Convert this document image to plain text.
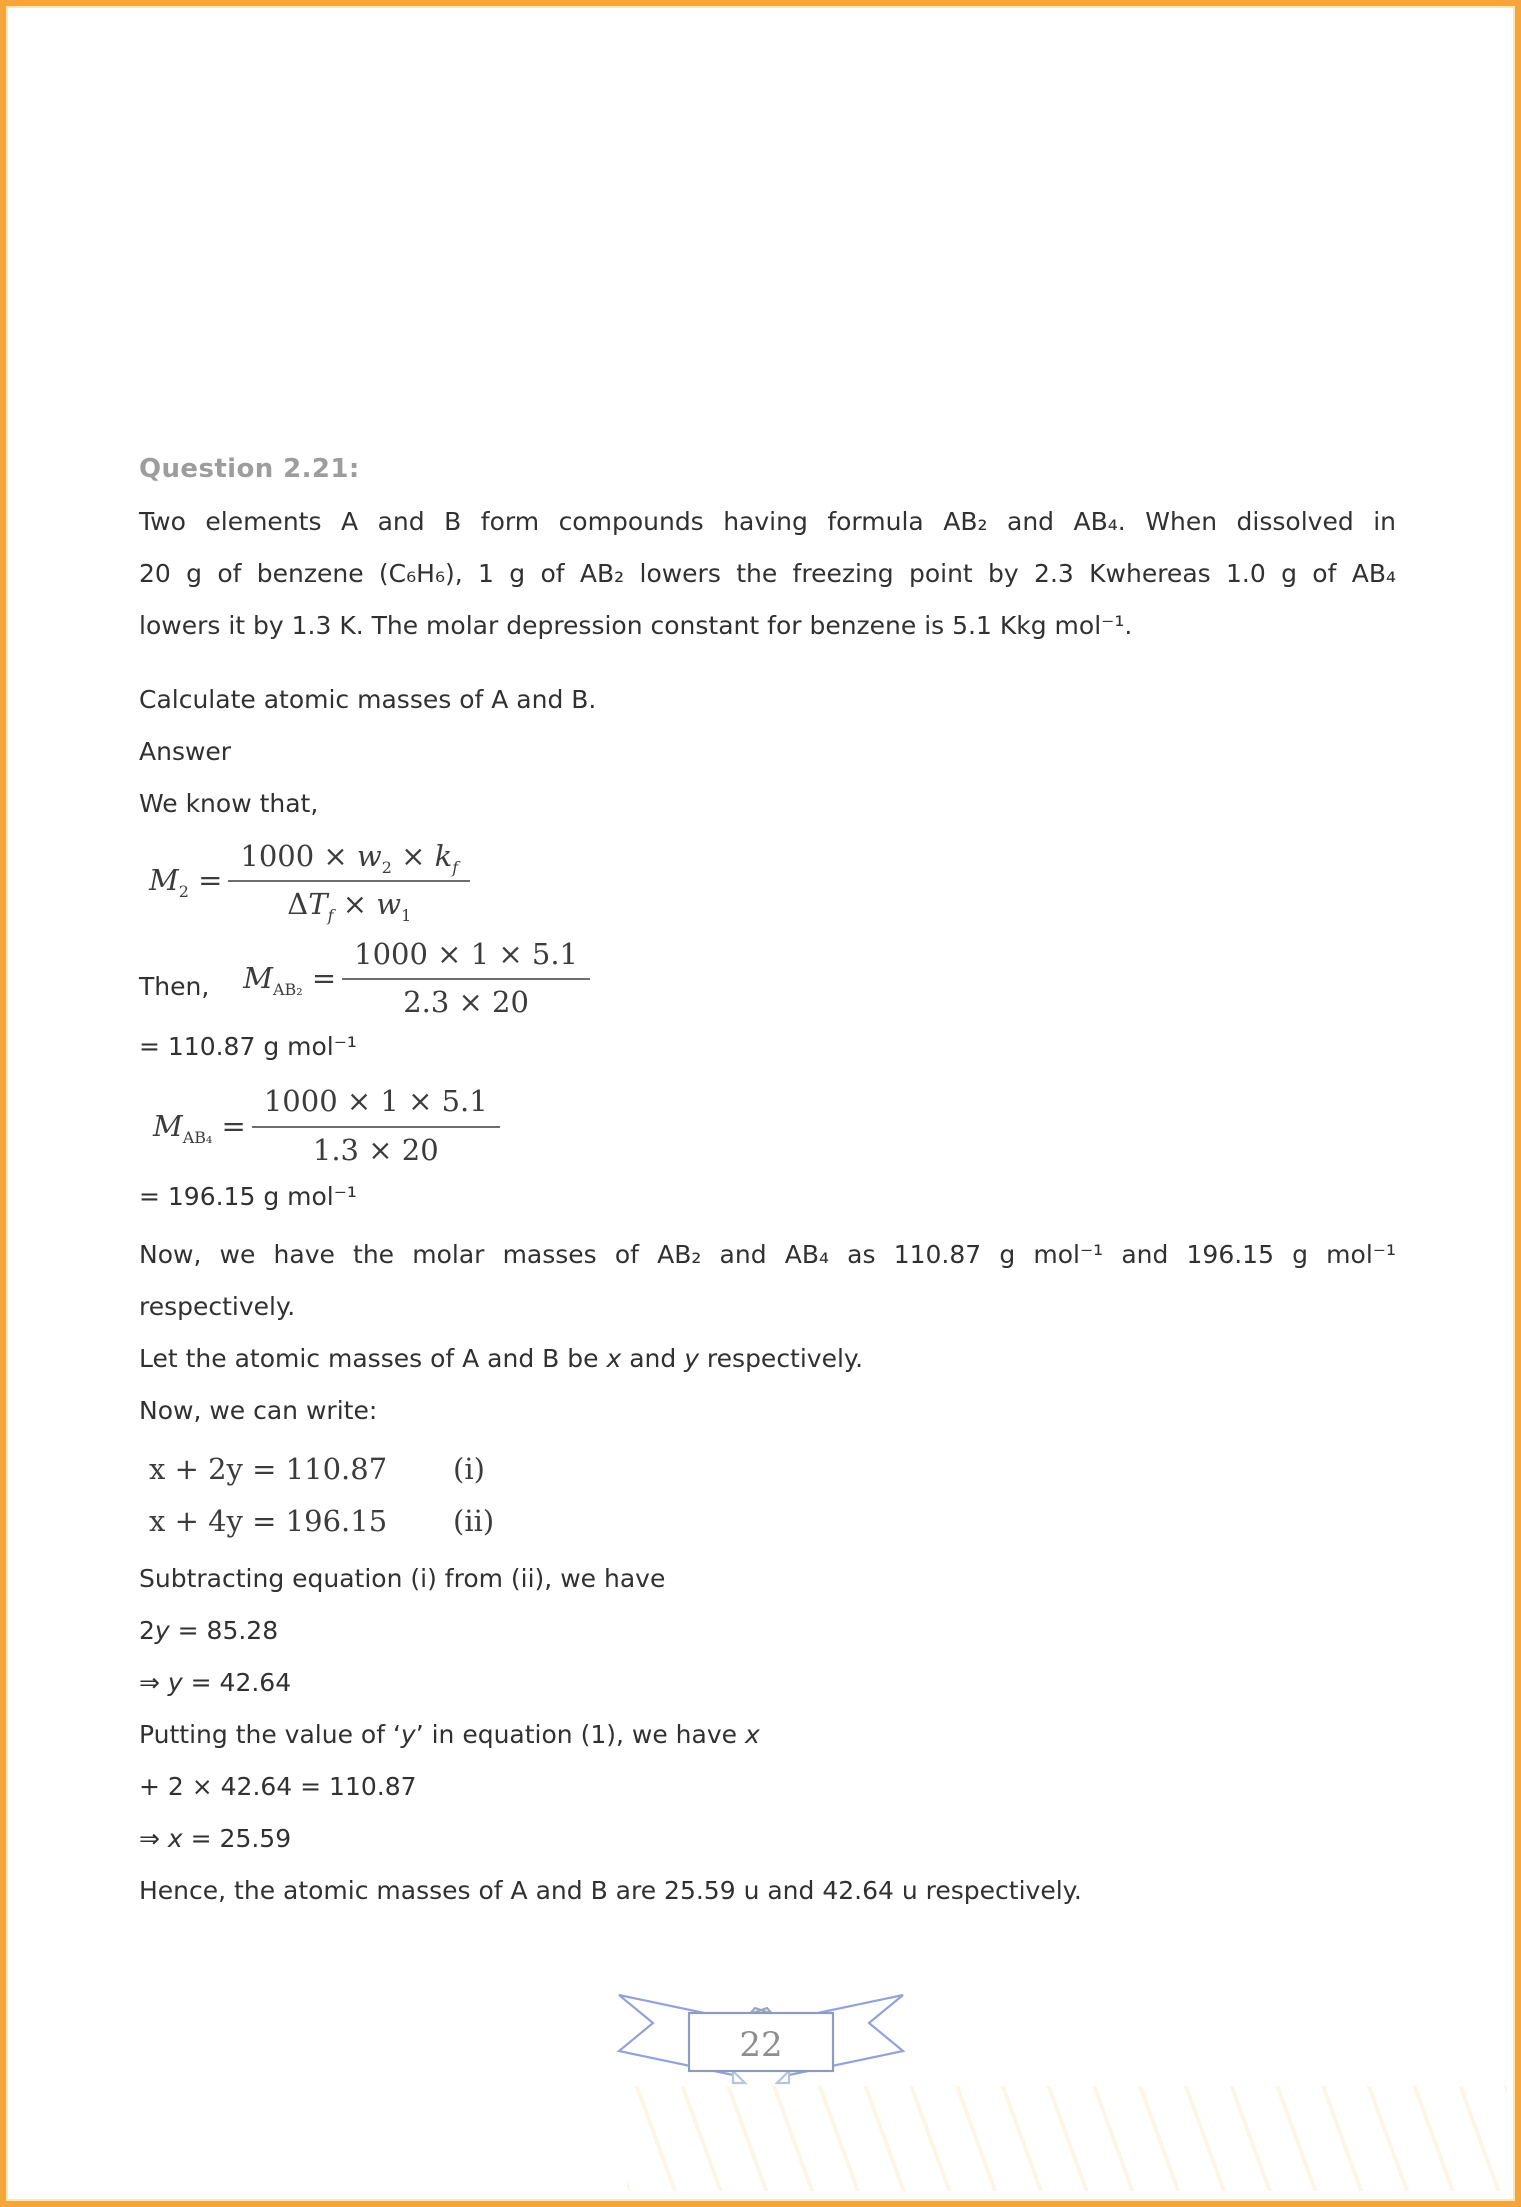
Question 2.21:

Two elements A and B form compounds having formula AB₂ and AB₄. When dissolved in

20 g of benzene (C₆H₆), 1 g of AB₂ lowers the freezing point by 2.3 Kwhereas 1.0 g of AB₄

lowers it by 1.3 K. The molar depression constant for benzene is 5.1 Kkg mol⁻¹.

Calculate atomic masses of A and B.

Answer

We know that,

$M_2 = \frac{1000 \times w_2 \times k_f}{\Delta T_f \times w_1}$
Then, $M_{AB_2} = \frac{1000 \times 1 \times 5.1}{2.3 \times 20}$

= 110.87 g mol⁻¹

$M_{AB_4} = \frac{1000 \times 1 \times 5.1}{1.3 \times 20}$

= 196.15 g mol⁻¹

Now, we have the molar masses of AB₂ and AB₄ as 110.87 g mol⁻¹ and 196.15 g mol⁻¹

respectively.

Let the atomic masses of A and B be x and y respectively.

Now, we can write:

x + 2y = 110.87	(i)
x + 4y = 196.15	(ii)

Subtracting equation (i) from (ii), we have

2y = 85.28

⇒ y = 42.64

Putting the value of ‘y’ in equation (1), we have x

+ 2 × 42.64 = 110.87

⇒ x = 25.59

Hence, the atomic masses of A and B are 25.59 u and 42.64 u respectively.

22
